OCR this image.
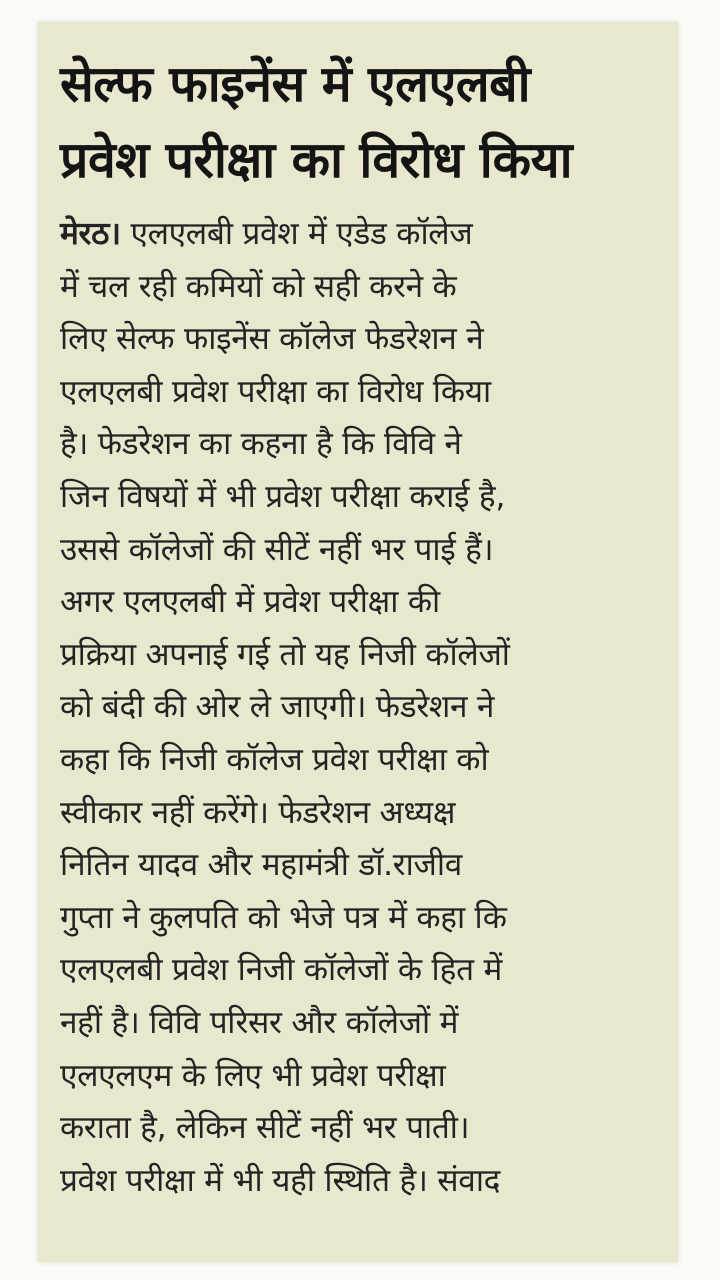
सेल्फ फाइनेंस में एलएलबी
प्रवेश परीक्षा का विरोध किया
मेरठ। एलएलबी प्रवेश में एडेड कॉलेज
में चल रही कमियों को सही करने के
लिए सेल्फ फाइनेंस कॉलेज फेडरेशन ने
एलएलबी प्रवेश परीक्षा का विरोध किया
है। फेडरेशन का कहना है कि विवि ने
जिन विषयों में भी प्रवेश परीक्षा कराई है,
उससे कॉलेजों की सीटें नहीं भर पाई हैं।
अगर एलएलबी में प्रवेश परीक्षा की
प्रक्रिया अपनाई गई तो यह निजी कॉलेजों
को बंदी की ओर ले जाएगी। फेडरेशन ने
कहा कि निजी कॉलेज प्रवेश परीक्षा को
स्वीकार नहीं करेंगे। फेडरेशन अध्यक्ष
नितिन यादव और महामंत्री डॉ.राजीव
गुप्ता ने कुलपति को भेजे पत्र में कहा कि
एलएलबी प्रवेश निजी कॉलेजों के हित में
नहीं है। विवि परिसर और कॉलेजों में
एलएलएम के लिए भी प्रवेश परीक्षा
कराता है, लेकिन सीटें नहीं भर पाती।
प्रवेश परीक्षा में भी यही स्थिति है। संवाद
